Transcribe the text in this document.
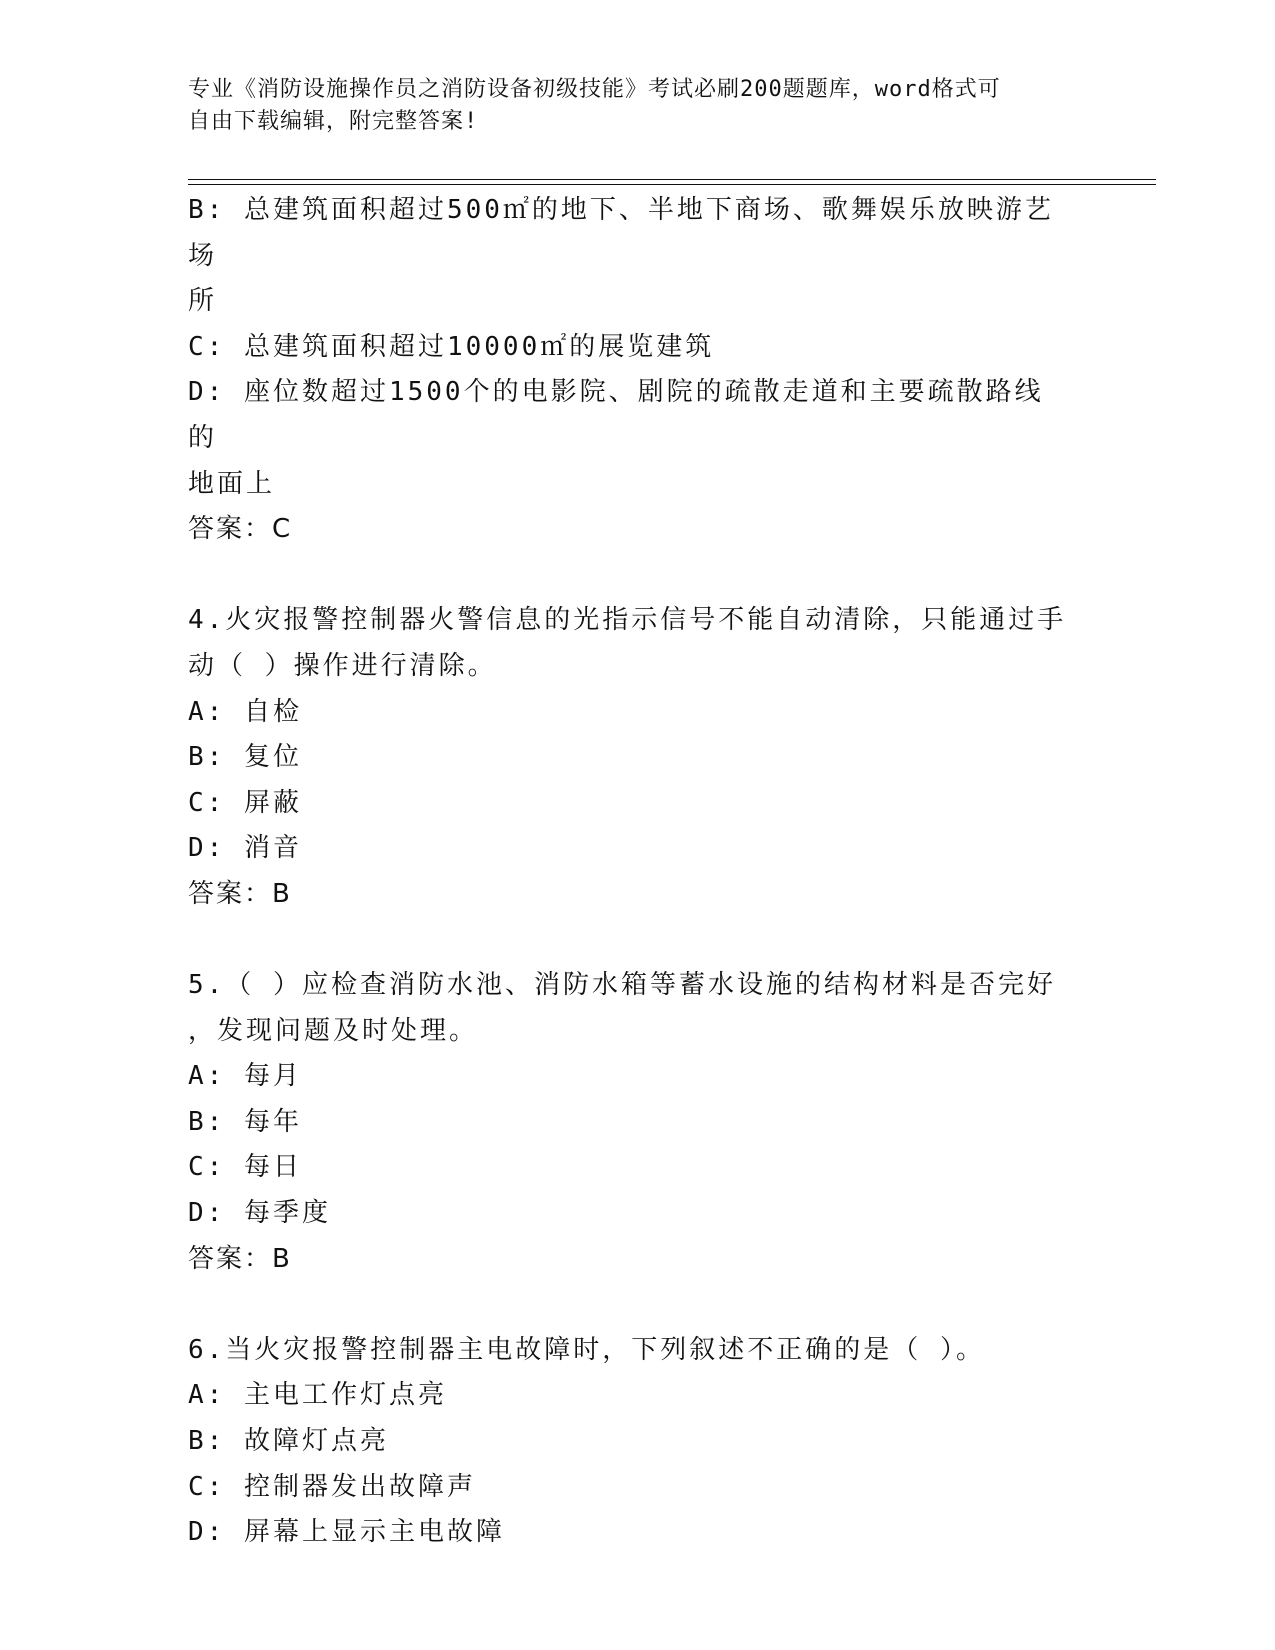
专业《消防设施操作员之消防设备初级技能》考试必刷200题题库，word格式可
自由下载编辑，附完整答案!

B: 总建筑面积超过500㎡的地下、半地下商场、歌舞娱乐放映游艺场

所

C: 总建筑面积超过10000㎡的展览建筑

D: 座位数超过1500个的电影院、剧院的疏散走道和主要疏散路线的

地面上

答案：C

4.火灾报警控制器火警信息的光指示信号不能自动清除，只能通过手

动（ ）操作进行清除。

A: 自检

B: 复位

C: 屏蔽

D: 消音

答案：B

5.（ ）应检查消防水池、消防水箱等蓄水设施的结构材料是否完好

，发现问题及时处理。

A: 每月

B: 每年

C: 每日

D: 每季度

答案：B

6.当火灾报警控制器主电故障时，下列叙述不正确的是（ ）。

A: 主电工作灯点亮

B: 故障灯点亮

C: 控制器发出故障声

D: 屏幕上显示主电故障
